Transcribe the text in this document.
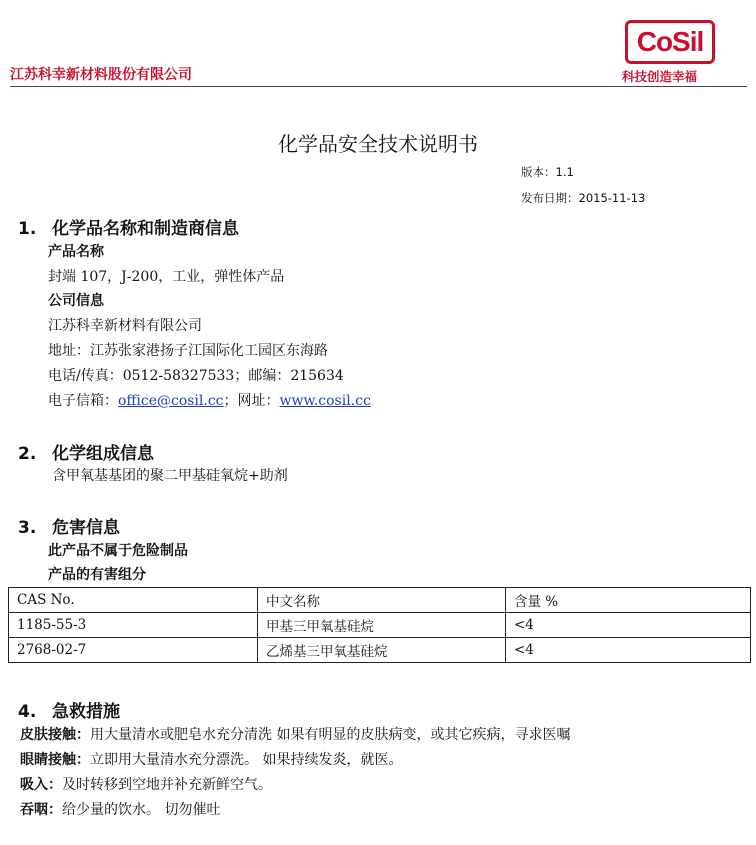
江苏科幸新材料股份有限公司
CoSil
科技创造幸福
化学品安全技术说明书
版本：1.1
发布日期：2015-11-13
1. 化学品名称和制造商信息
产品名称
封端 107，J-200，工业，弹性体产品
公司信息
江苏科幸新材料有限公司
地址：江苏张家港扬子江国际化工园区东海路
电话/传真：0512-58327533；邮编：215634
电子信箱：office@cosil.cc；网址：www.cosil.cc
2. 化学组成信息
含甲氧基基团的聚二甲基硅氧烷+助剂
3. 危害信息
此产品不属于危险制品
产品的有害组分
CAS No.	中文名称	含量 %
1185-55-3	甲基三甲氧基硅烷	<4
2768-02-7	乙烯基三甲氧基硅烷	<4
4. 急救措施
皮肤接触：用大量清水或肥皂水充分清洗 如果有明显的皮肤病变，或其它疾病，寻求医嘱
眼睛接触：立即用大量清水充分漂洗。 如果持续发炎，就医。
吸入：及时转移到空地并补充新鲜空气。
吞咽：给少量的饮水。 切勿催吐
